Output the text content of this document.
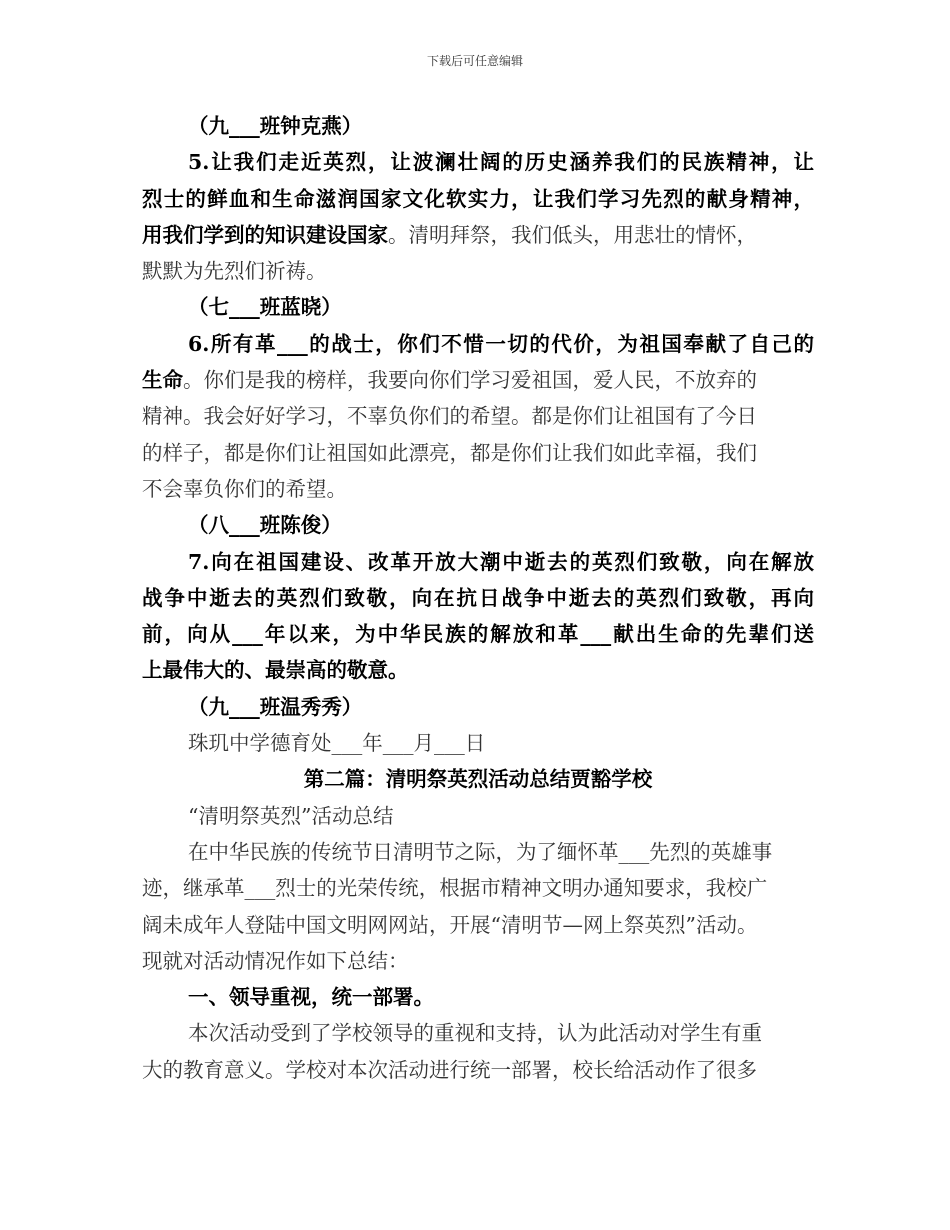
下载后可任意编辑
（九___班钟克燕）
5.让我们走近英烈，让波澜壮阔的历史涵养我们的民族精神，让
烈士的鲜血和生命滋润国家文化软实力，让我们学习先烈的献身精神，
用我们学到的知识建设国家。清明拜祭，我们低头，用悲壮的情怀，
默默为先烈们祈祷。
（七___班蓝晓）
6.所有革___的战士，你们不惜一切的代价，为祖国奉献了自己的
生命。你们是我的榜样，我要向你们学习爱祖国，爱人民，不放弃的
精神。我会好好学习，不辜负你们的希望。都是你们让祖国有了今日
的样子，都是你们让祖国如此漂亮，都是你们让我们如此幸福，我们
不会辜负你们的希望。
（八___班陈俊）
7.向在祖国建设、改革开放大潮中逝去的英烈们致敬，向在解放
战争中逝去的英烈们致敬，向在抗日战争中逝去的英烈们致敬，再向
前，向从___年以来，为中华民族的解放和革___献出生命的先辈们送
上最伟大的、最崇高的敬意。
（九___班温秀秀）
珠玑中学德育处___年___月___日
第二篇：清明祭英烈活动总结贾豁学校
“清明祭英烈”活动总结
在中华民族的传统节日清明节之际，为了缅怀革___先烈的英雄事
迹，继承革___烈士的光荣传统，根据市精神文明办通知要求，我校广
阔未成年人登陆中国文明网网站，开展“清明节—网上祭英烈”活动。
现就对活动情况作如下总结：
一、领导重视，统一部署。
本次活动受到了学校领导的重视和支持，认为此活动对学生有重
大的教育意义。学校对本次活动进行统一部署，校长给活动作了很多
